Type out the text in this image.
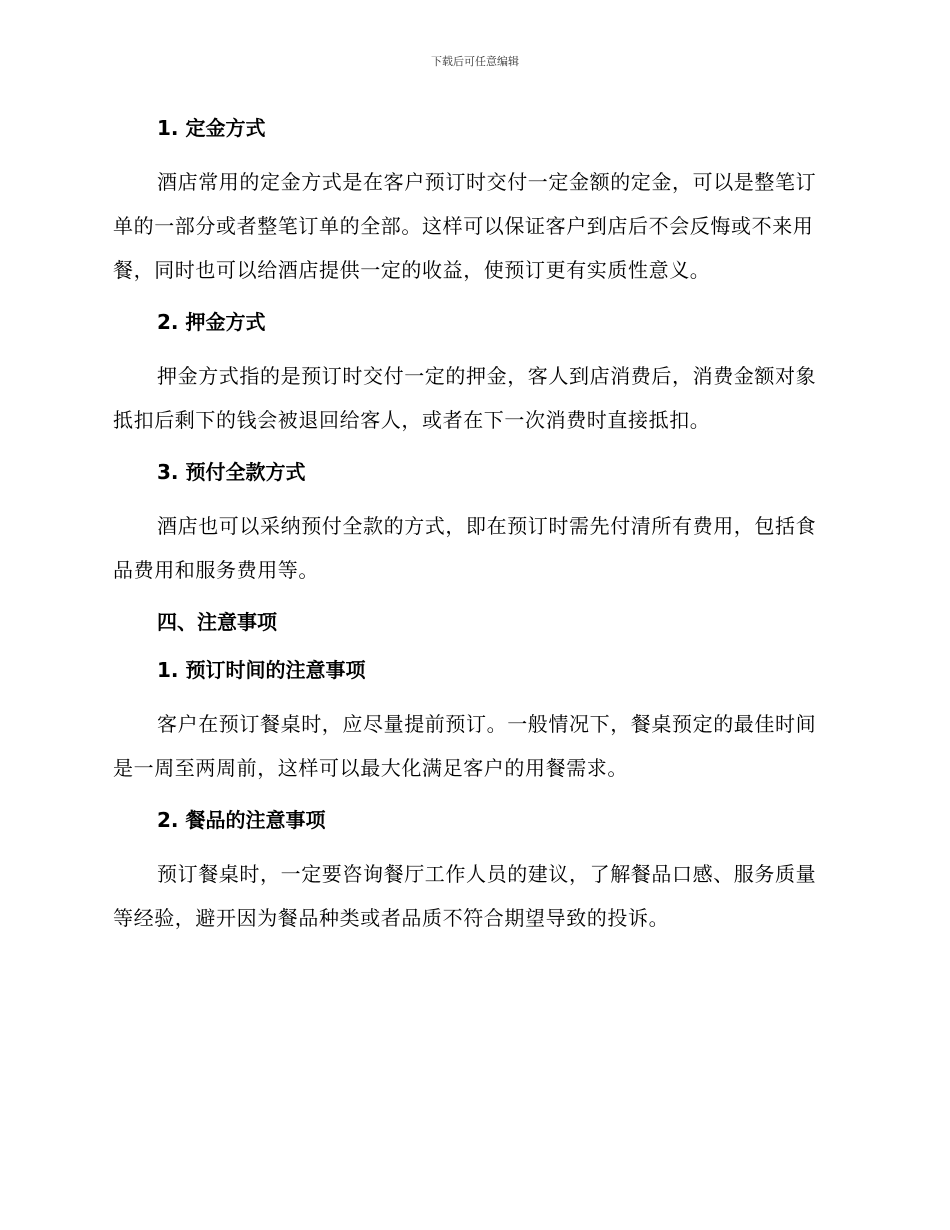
下载后可任意编辑
1. 定金方式

酒店常用的定金方式是在客户预订时交付一定金额的定金，可以是整笔订单的一部分或者整笔订单的全部。这样可以保证客户到店后不会反悔或不来用餐，同时也可以给酒店提供一定的收益，使预订更有实质性意义。

2. 押金方式

押金方式指的是预订时交付一定的押金，客人到店消费后，消费金额对象抵扣后剩下的钱会被退回给客人，或者在下一次消费时直接抵扣。

3. 预付全款方式

酒店也可以采纳预付全款的方式，即在预订时需先付清所有费用，包括食品费用和服务费用等。

四、注意事项
1. 预订时间的注意事项

客户在预订餐桌时，应尽量提前预订。一般情况下，餐桌预定的最佳时间是一周至两周前，这样可以最大化满足客户的用餐需求。

2. 餐品的注意事项

预订餐桌时，一定要咨询餐厅工作人员的建议，了解餐品口感、服务质量等经验，避开因为餐品种类或者品质不符合期望导致的投诉。
